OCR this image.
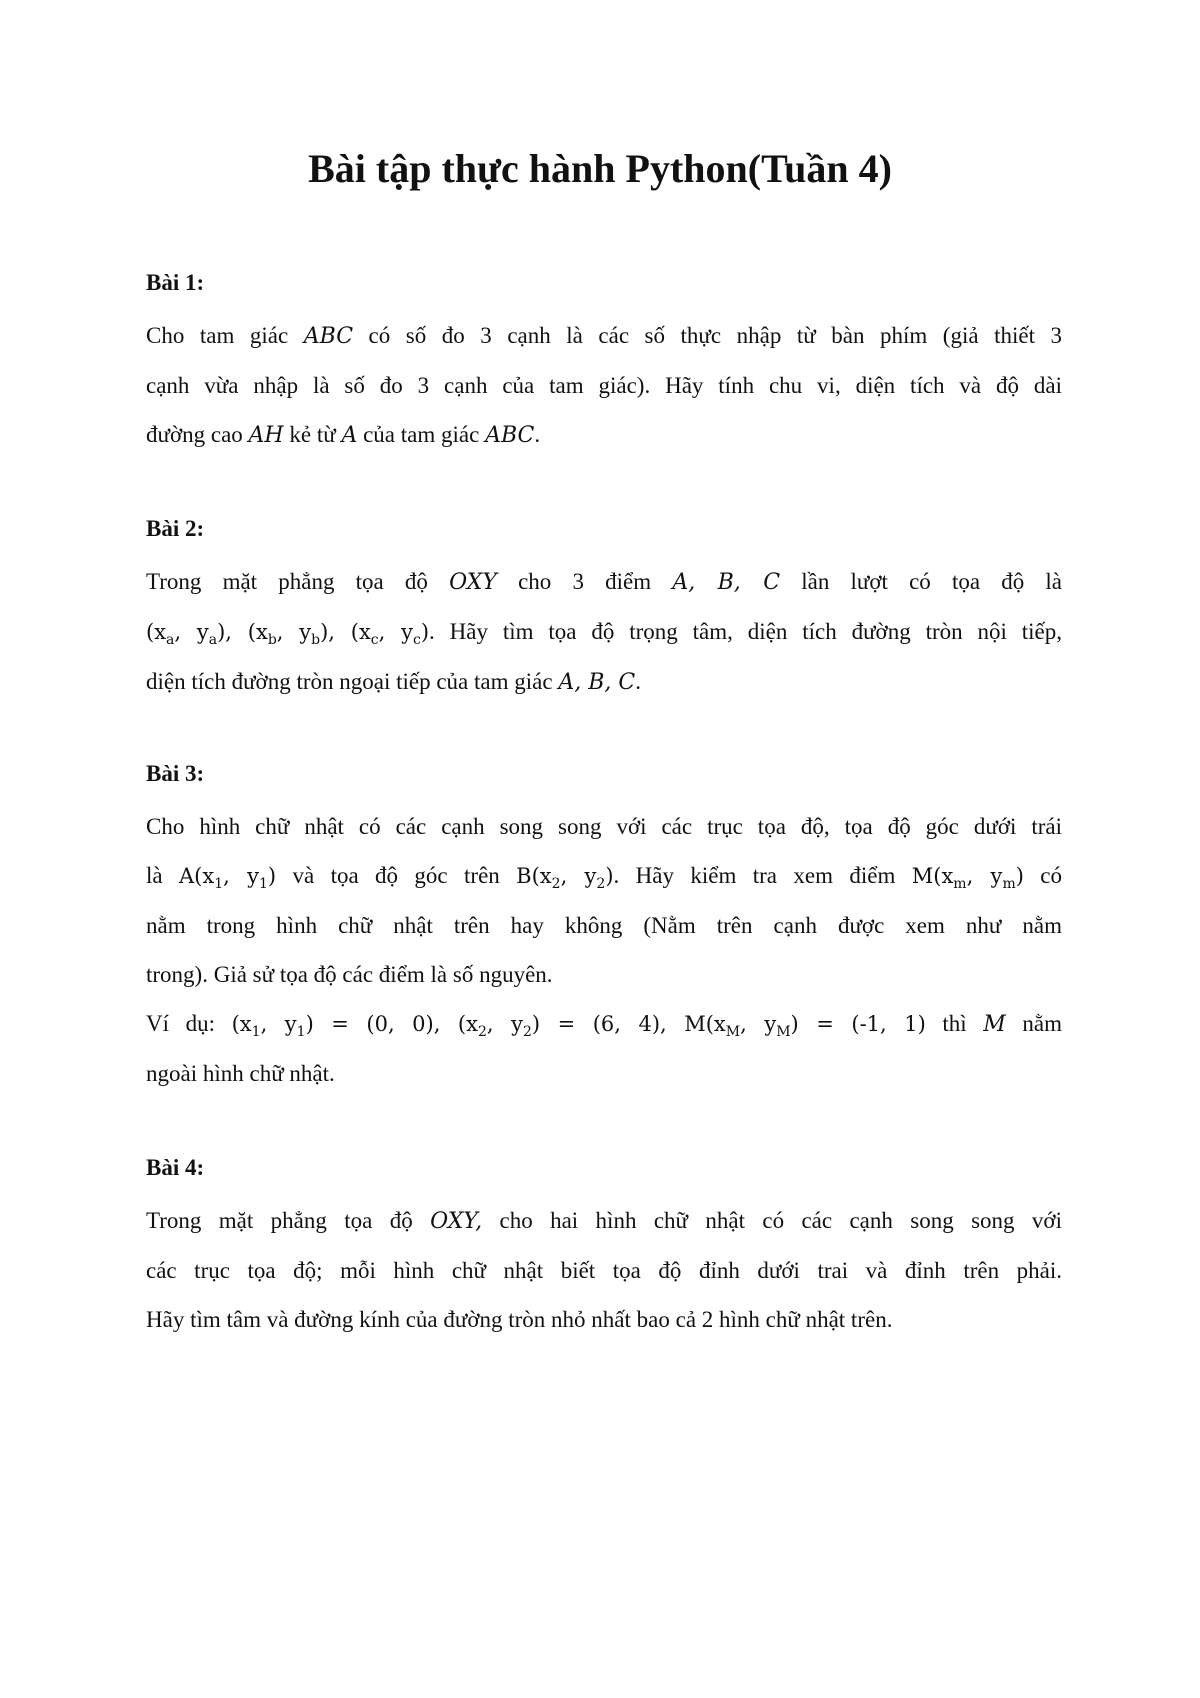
Bài tập thực hành Python(Tuần 4)
Bài 1:
Cho tam giác ABC có số đo 3 cạnh là các số thực nhập từ bàn phím (giả thiết 3
cạnh vừa nhập là số đo 3 cạnh của tam giác). Hãy tính chu vi, diện tích và độ dài
đường cao AH kẻ từ A của tam giác ABC.
Bài 2:
Trong mặt phẳng tọa độ OXY cho 3 điểm A, B, C lần lượt có tọa độ là
($x_a$, $y_a$), ($x_b$, $y_b$), ($x_c$, $y_c$). Hãy tìm tọa độ trọng tâm, diện tích đường tròn nội tiếp,
diện tích đường tròn ngoại tiếp của tam giác A, B, C.
Bài 3:
Cho hình chữ nhật có các cạnh song song với các trục tọa độ, tọa độ góc dưới trái
là $A(x_1$, $y_1$) và tọa độ góc trên $B(x_2$, $y_2$). Hãy kiểm tra xem điểm $M(x_m$, $y_m$) có
nằm trong hình chữ nhật trên hay không (Nằm trên cạnh được xem như nằm
trong). Giả sử tọa độ các điểm là số nguyên.
Ví dụ: ($x_1$, $y_1) = (0$, 0), ($x_2$, $y_2) = (6$, 4), $M(x_M$, $y_M) = (-1$, 1) thì M nằm
ngoài hình chữ nhật.
Bài 4:
Trong mặt phẳng tọa độ OXY, cho hai hình chữ nhật có các cạnh song song với
các trục tọa độ; mỗi hình chữ nhật biết tọa độ đỉnh dưới trai và đỉnh trên phải.
Hãy tìm tâm và đường kính của đường tròn nhỏ nhất bao cả 2 hình chữ nhật trên.
